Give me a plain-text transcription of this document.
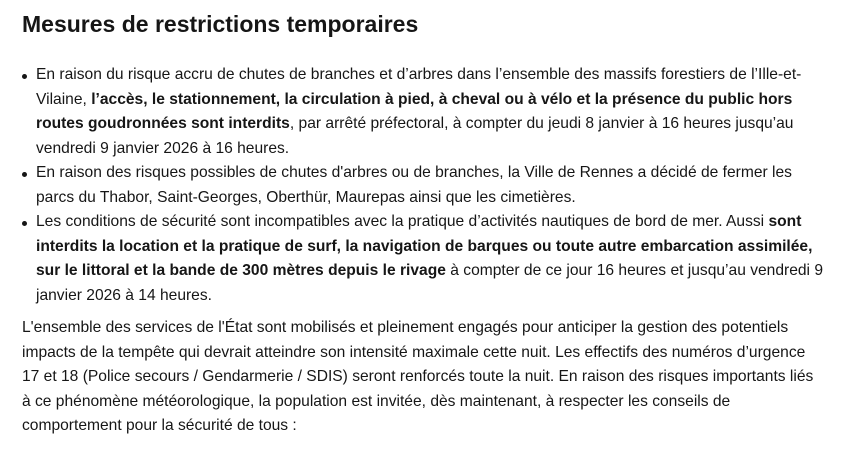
Mesures de restrictions temporaires
En raison du risque accru de chutes de branches et d’arbres dans l’ensemble des massifs forestiers de l’Ille-et-Vilaine, l’accès, le stationnement, la circulation à pied, à cheval ou à vélo et la présence du public hors routes goudronnées sont interdits, par arrêté préfectoral, à compter du jeudi 8 janvier à 16 heures jusqu’au vendredi 9 janvier 2026 à 16 heures.
En raison des risques possibles de chutes d'arbres ou de branches, la Ville de Rennes a décidé de fermer les parcs du Thabor, Saint-Georges, Oberthür, Maurepas ainsi que les cimetières.
Les conditions de sécurité sont incompatibles avec la pratique d’activités nautiques de bord de mer. Aussi sont interdits la location et la pratique de surf, la navigation de barques ou toute autre embarcation assimilée, sur le littoral et la bande de 300 mètres depuis le rivage à compter de ce jour 16 heures et jusqu’au vendredi 9 janvier 2026 à 14 heures.

L'ensemble des services de l'État sont mobilisés et pleinement engagés pour anticiper la gestion des potentiels impacts de la tempête qui devrait atteindre son intensité maximale cette nuit. Les effectifs des numéros d’urgence 17 et 18 (Police secours / Gendarmerie / SDIS) seront renforcés toute la nuit. En raison des risques importants liés à ce phénomène météorologique, la population est invitée, dès maintenant, à respecter les conseils de comportement pour la sécurité de tous :
